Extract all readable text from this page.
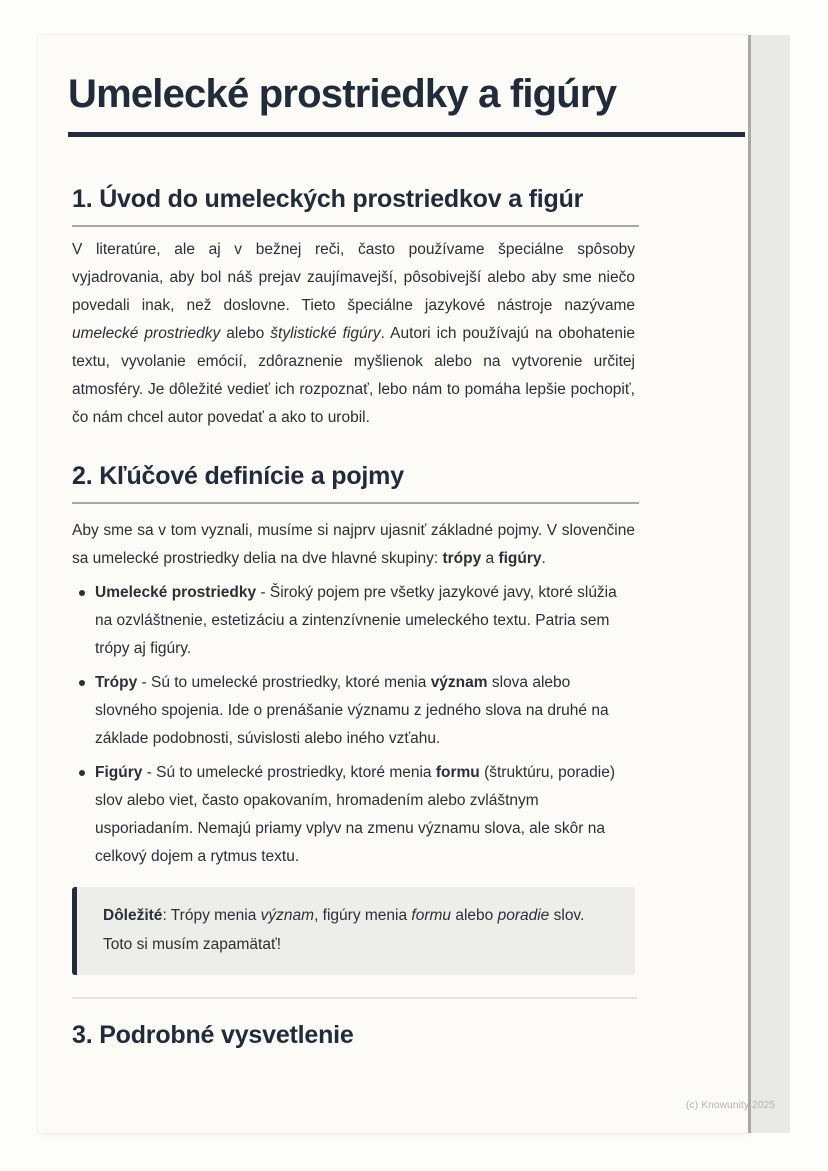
Umelecké prostriedky a figúry
1. Úvod do umeleckých prostriedkov a figúr

V literatúre, ale aj v bežnej reči, často používame špeciálne spôsoby vyjadrovania, aby bol náš prejav zaujímavejší, pôsobivejší alebo aby sme niečo povedali inak, než doslovne. Tieto špeciálne jazykové nástroje nazývame umelecké prostriedky alebo štylistické figúry. Autori ich používajú na obohatenie textu, vyvolanie emócií, zdôraznenie myšlienok alebo na vytvorenie určitej atmosféry. Je dôležité vedieť ich rozpoznať, lebo nám to pomáha lepšie pochopiť, čo nám chcel autor povedať a ako to urobil.

2. Kľúčové definície a pojmy

Aby sme sa v tom vyznali, musíme si najprv ujasniť základné pojmy. V slovenčine sa umelecké prostriedky delia na dve hlavné skupiny: trópy a figúry.

Umelecké prostriedky - Široký pojem pre všetky jazykové javy, ktoré slúžia na ozvláštnenie, estetizáciu a zintenzívnenie umeleckého textu. Patria sem trópy aj figúry.
Trópy - Sú to umelecké prostriedky, ktoré menia význam slova alebo slovného spojenia. Ide o prenášanie významu z jedného slova na druhé na základe podobnosti, súvislosti alebo iného vzťahu.
Figúry - Sú to umelecké prostriedky, ktoré menia formu (štruktúru, poradie) slov alebo viet, často opakovaním, hromadením alebo zvláštnym usporiadaním. Nemajú priamy vplyv na zmenu významu slova, ale skôr na celkový dojem a rytmus textu.

Dôležité: Trópy menia význam, figúry menia formu alebo poradie slov. Toto si musím zapamätať!

3. Podrobné vysvetlenie
(c) Knowunity 2025
